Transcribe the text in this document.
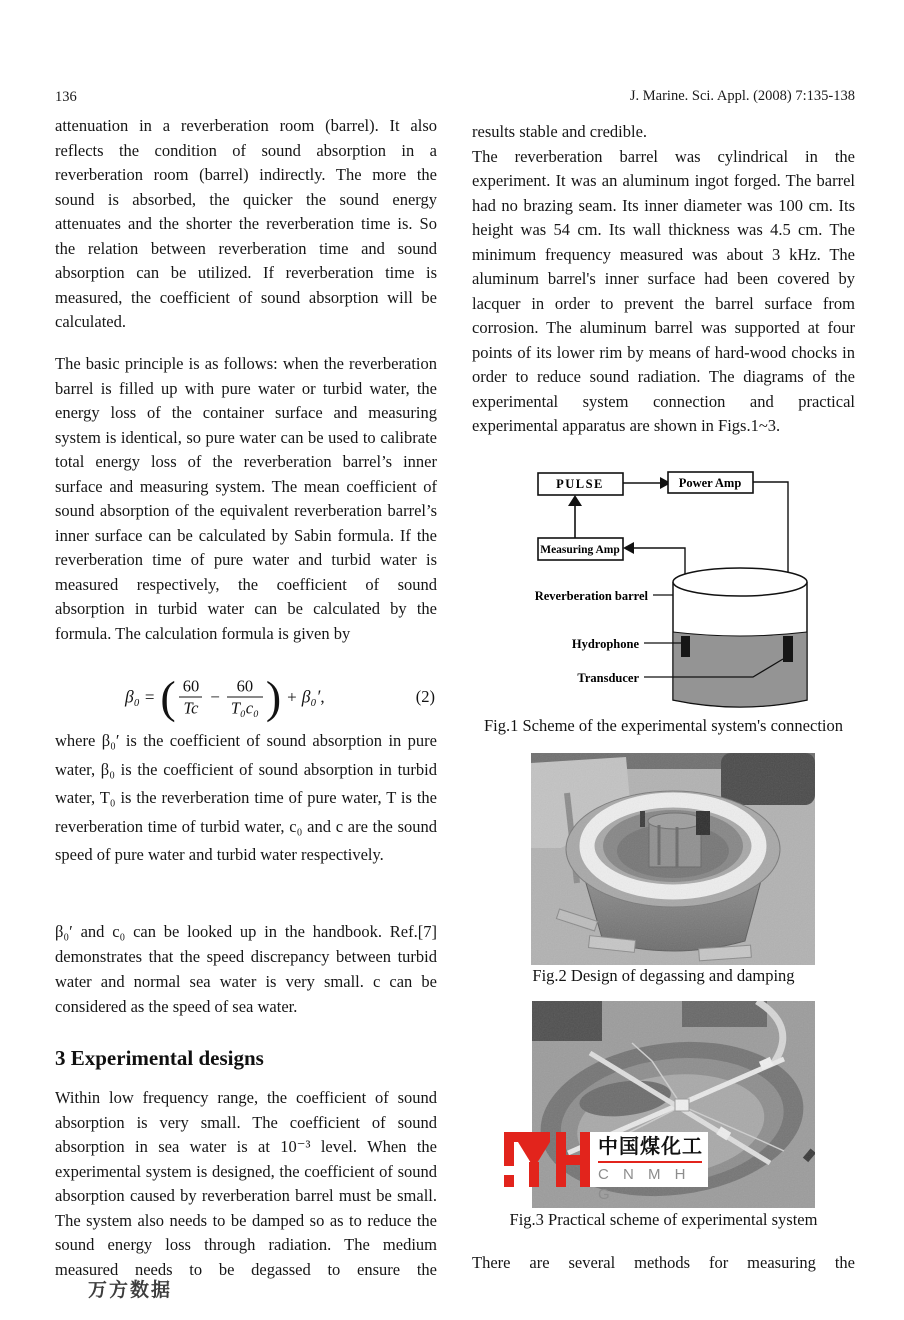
136	J. Marine. Sci. Appl. (2008) 7:135-138
attenuation in a reverberation room (barrel). It also reflects the condition of sound absorption in a reverberation room (barrel) indirectly. The more the sound is absorbed, the quicker the sound energy attenuates and the shorter the reverberation time is. So the relation between reverberation time and sound absorption can be utilized. If reverberation time is measured, the coefficient of sound absorption will be calculated.
The basic principle is as follows: when the reverberation barrel is filled up with pure water or turbid water, the energy loss of the container surface and measuring system is identical, so pure water can be used to calibrate total energy loss of the reverberation barrel’s inner surface and measuring system. The mean coefficient of sound absorption of the equivalent reverberation barrel’s inner surface can be calculated by Sabin formula. If the reverberation time of pure water and turbid water is measured respectively, the coefficient of sound absorption in turbid water can be calculated by the formula. The calculation formula is given by
β₀ = ( $\frac{60}{Tc} - \frac{60}{\text{T₀c₀}}$ ) + β₀′ ,	(2)
where β₀′ is the coefficient of sound absorption in pure water, β₀ is the coefficient of sound absorption in turbid water, T₀ is the reverberation time of pure water, T is the reverberation time of turbid water, c₀ and c are the sound speed of pure water and turbid water respectively.
β₀′ and c₀ can be looked up in the handbook. Ref.[7] demonstrates that the speed discrepancy between turbid water and normal sea water is very small. c can be considered as the speed of sea water.
3 Experimental designs
Within low frequency range, the coefficient of sound absorption is very small. The coefficient of sound absorption in sea water is at 10⁻³ level. When the experimental system is designed, the coefficient of sound absorption caused by reverberation barrel must be small. The system also needs to be damped so as to reduce the sound energy loss through radiation. The medium measured needs to be degassed to ensure the
results stable and credible.
The reverberation barrel was cylindrical in the experiment. It was an aluminum ingot forged. The barrel had no brazing seam. Its inner diameter was 100 cm. Its height was 54 cm. Its wall thickness was 4.5 cm. The minimum frequency measured was about 3 kHz. The aluminum barrel's inner surface had been covered by lacquer in order to prevent the barrel surface from corrosion. The aluminum barrel was supported at four points of its lower rim by means of hard-wood chocks in order to reduce sound radiation. The diagrams of the experimental system connection and practical experimental apparatus are shown in Figs.1~3.
PULSE	Power Amp
Measuring Amp
Reverberation barrel
Hydrophone
Transducer
Fig.1 Scheme of the experimental system's connection
Fig.2 Design of degassing and damping
Fig.3 Practical scheme of experimental system
There are several methods for measuring the
中国煤化工
C N M H G
万方数据
